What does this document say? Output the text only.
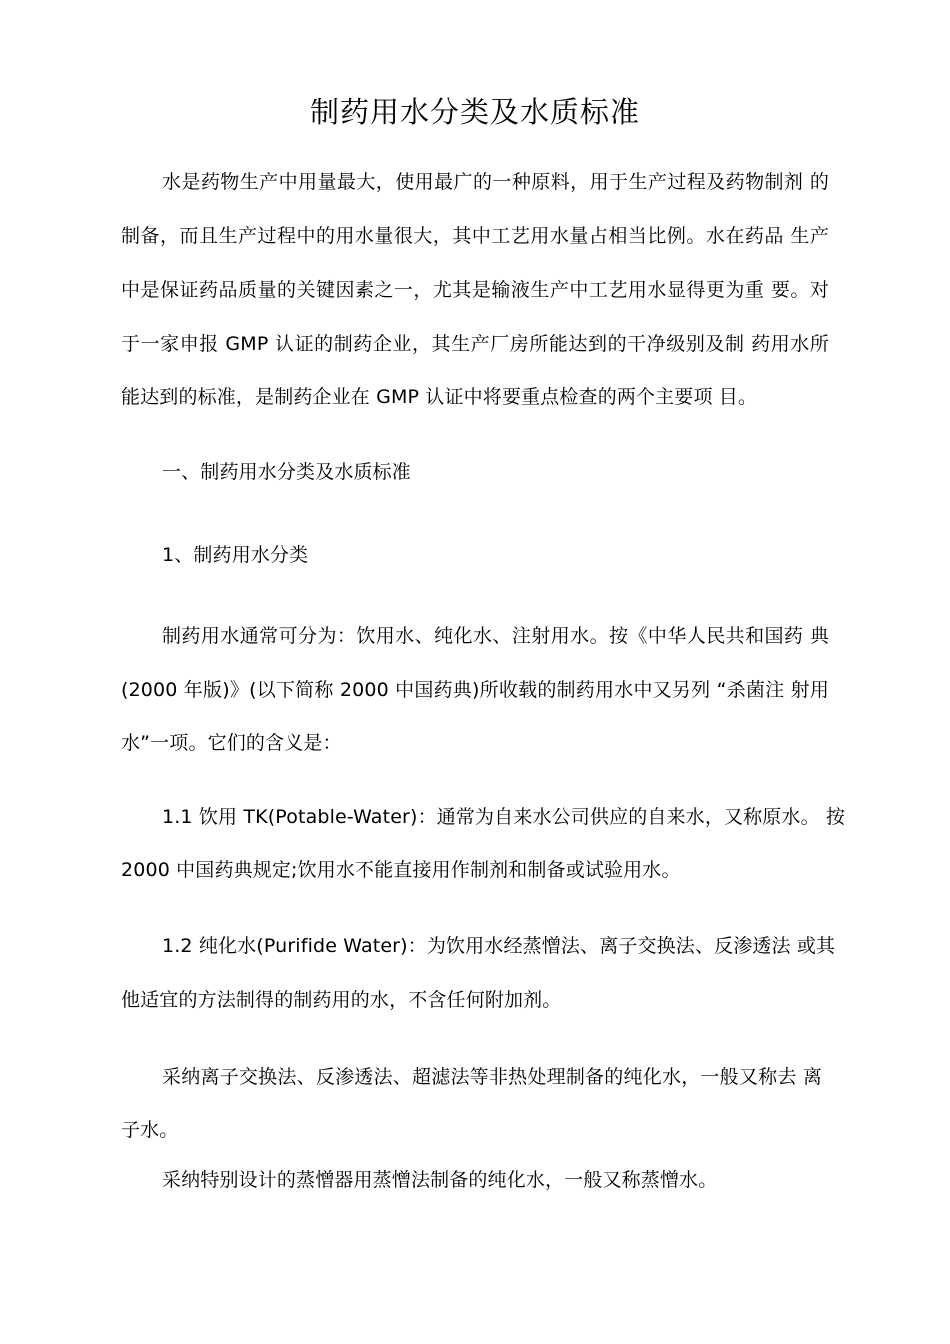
制药用水分类及水质标准
水是药物生产中用量最大，使用最广的一种原料，用于生产过程及药物制剂 的
制备，而且生产过程中的用水量很大，其中工艺用水量占相当比例。水在药品 生产
中是保证药品质量的关键因素之一，尤其是输液生产中工艺用水显得更为重 要。对
于一家申报 GMP 认证的制药企业，其生产厂房所能达到的干净级别及制 药用水所
能达到的标准，是制药企业在 GMP 认证中将要重点检查的两个主要项 目。
一、制药用水分类及水质标准
1、制药用水分类
制药用水通常可分为：饮用水、纯化水、注射用水。按《中华人民共和国药 典
(2000 年版)》(以下简称 2000 中国药典)所收载的制药用水中又另列 “杀菌注 射用
水”一项。它们的含义是：
1.1 饮用 TK(Potable-Water)：通常为自来水公司供应的自来水，又称原水。 按
2000 中国药典规定;饮用水不能直接用作制剂和制备或试验用水。
1.2 纯化水(Purifide Water)：为饮用水经蒸憎法、离子交换法、反渗透法 或其
他适宜的方法制得的制药用的水，不含任何附加剂。
采纳离子交换法、反渗透法、超滤法等非热处理制备的纯化水，一般又称去 离
子水。
采纳特别设计的蒸憎器用蒸憎法制备的纯化水，一般又称蒸憎水。
